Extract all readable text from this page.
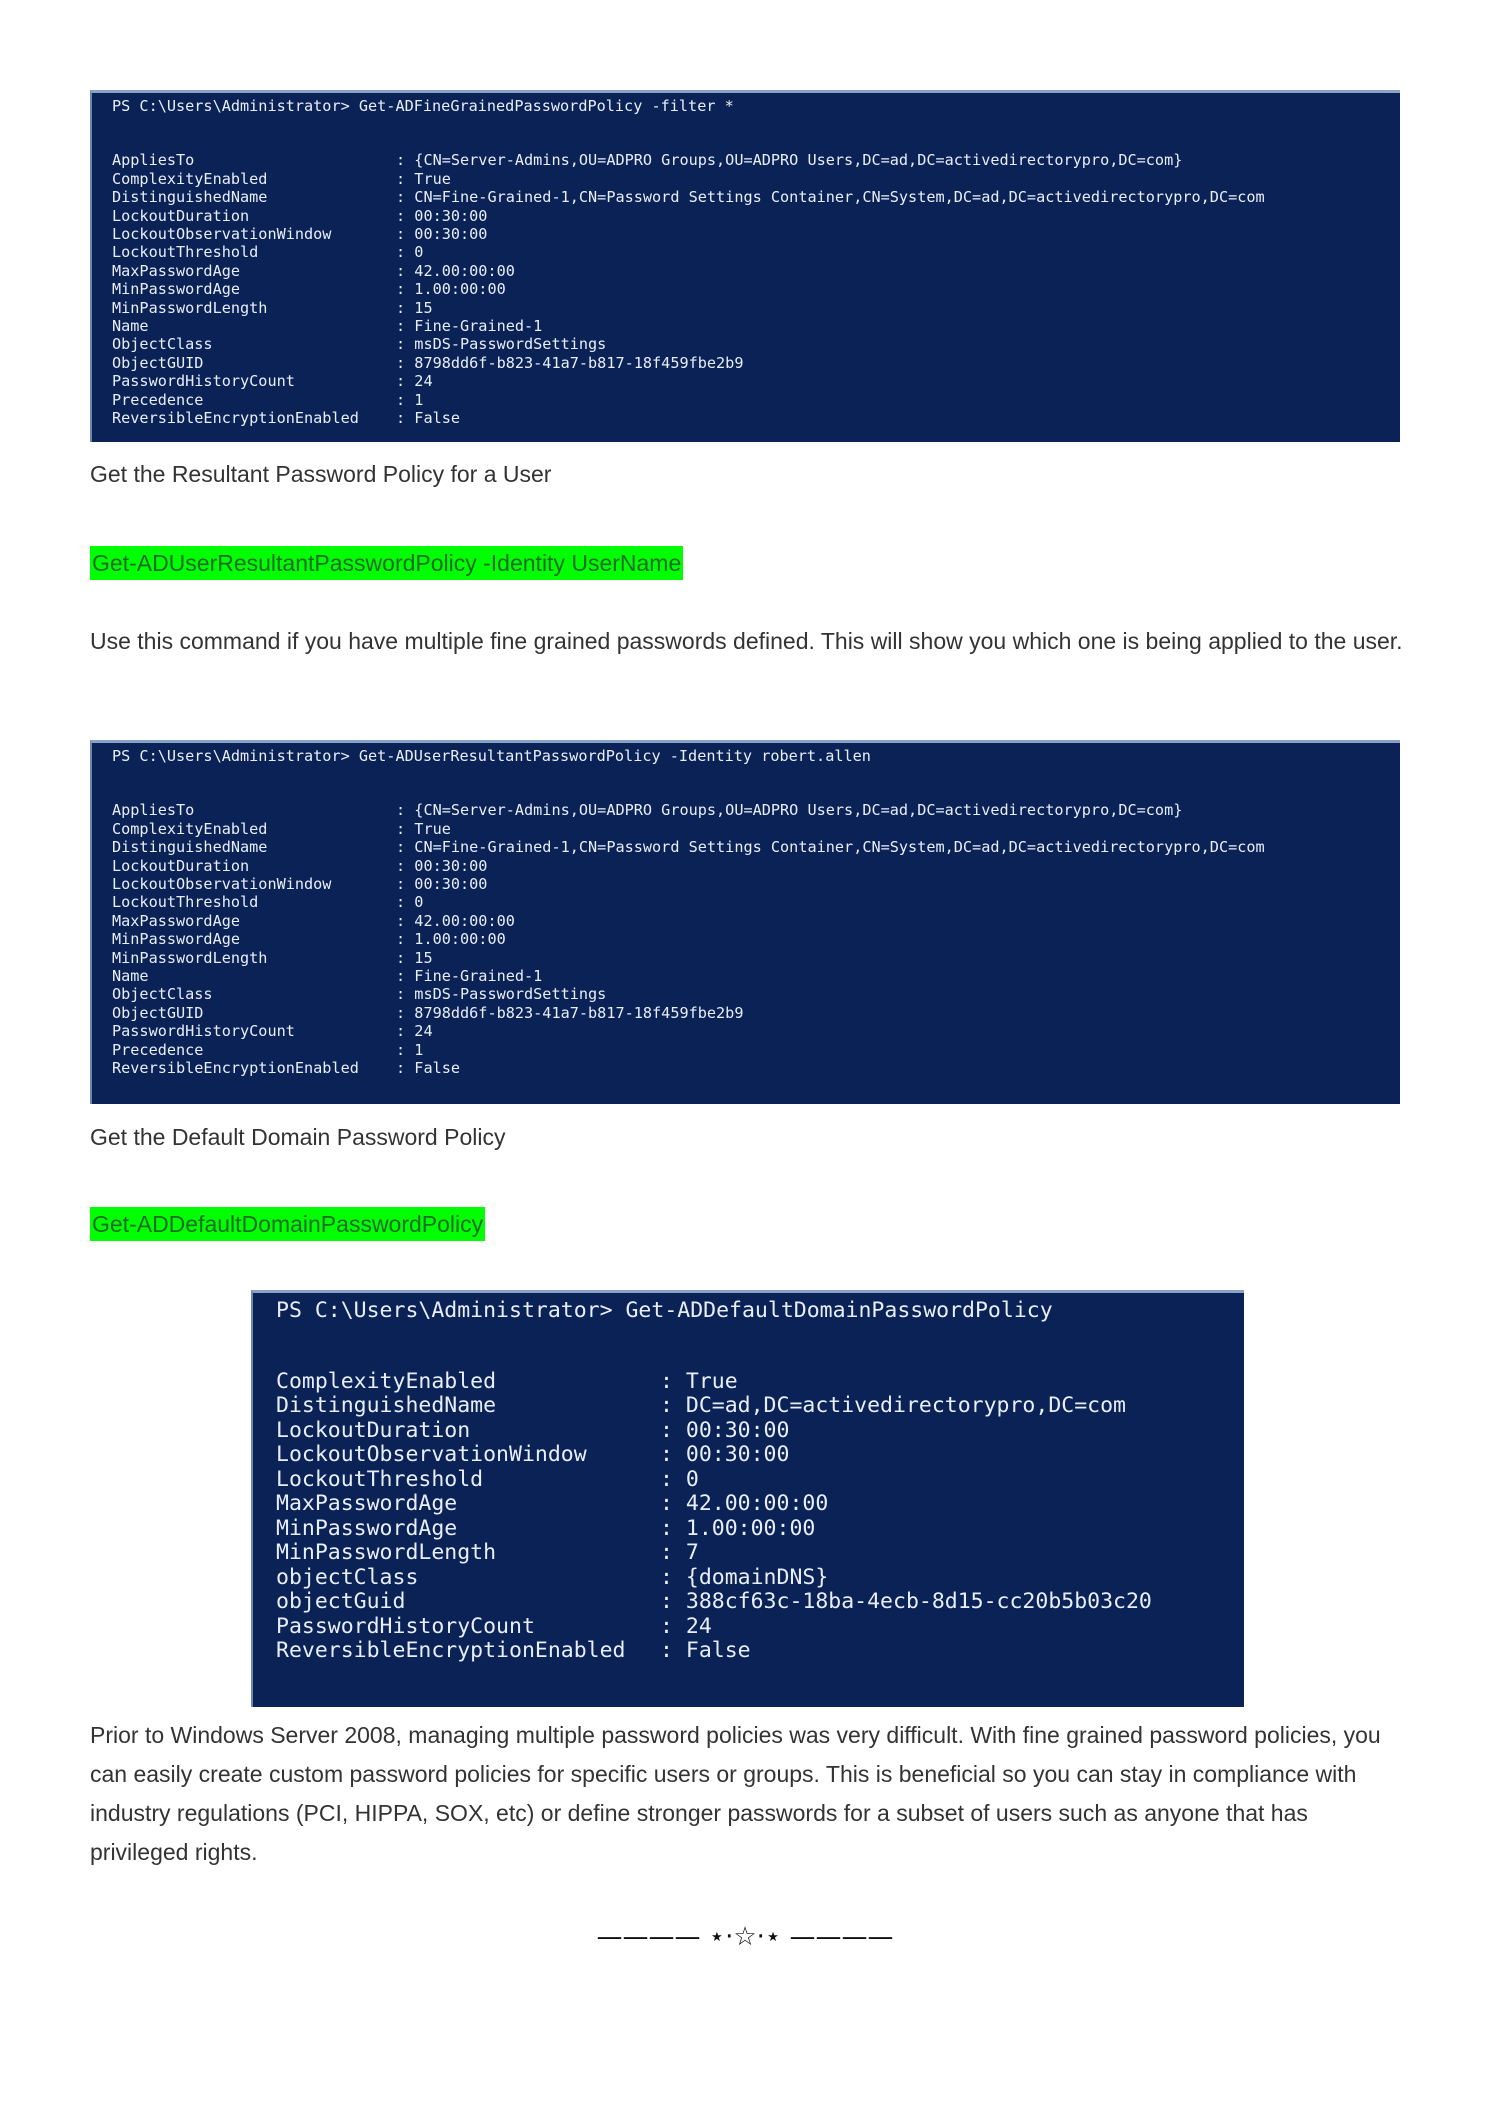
PS C:\Users\Administrator> Get-ADFineGrainedPasswordPolicy -filter *
AppliesTo	: {CN=Server-Admins,OU=ADPRO Groups,OU=ADPRO Users,DC=ad,DC=activedirectorypro,DC=com}
ComplexityEnabled	: True
DistinguishedName	: CN=Fine-Grained-1,CN=Password Settings Container,CN=System,DC=ad,DC=activedirectorypro,DC=com
LockoutDuration	: 00:30:00
LockoutObservationWindow	: 00:30:00
LockoutThreshold	: 0
MaxPasswordAge	: 42.00:00:00
MinPasswordAge	: 1.00:00:00
MinPasswordLength	: 15
Name	: Fine-Grained-1
ObjectClass	: msDS-PasswordSettings
ObjectGUID	: 8798dd6f-b823-41a7-b817-18f459fbe2b9
PasswordHistoryCount	: 24
Precedence	: 1
ReversibleEncryptionEnabled	: False

Get the Resultant Password Policy for a User

Get-ADUserResultantPasswordPolicy -Identity UserName

Use this command if you have multiple fine grained passwords defined. This will show you which one is being applied to the user.

PS C:\Users\Administrator> Get-ADUserResultantPasswordPolicy -Identity robert.allen
AppliesTo	: {CN=Server-Admins,OU=ADPRO Groups,OU=ADPRO Users,DC=ad,DC=activedirectorypro,DC=com}
ComplexityEnabled	: True
DistinguishedName	: CN=Fine-Grained-1,CN=Password Settings Container,CN=System,DC=ad,DC=activedirectorypro,DC=com
LockoutDuration	: 00:30:00
LockoutObservationWindow	: 00:30:00
LockoutThreshold	: 0
MaxPasswordAge	: 42.00:00:00
MinPasswordAge	: 1.00:00:00
MinPasswordLength	: 15
Name	: Fine-Grained-1
ObjectClass	: msDS-PasswordSettings
ObjectGUID	: 8798dd6f-b823-41a7-b817-18f459fbe2b9
PasswordHistoryCount	: 24
Precedence	: 1
ReversibleEncryptionEnabled	: False

Get the Default Domain Password Policy

Get-ADDefaultDomainPasswordPolicy
PS C:\Users\Administrator> Get-ADDefaultDomainPasswordPolicy
ComplexityEnabled	: True
DistinguishedName	: DC=ad,DC=activedirectorypro,DC=com
LockoutDuration	: 00:30:00
LockoutObservationWindow	: 00:30:00
LockoutThreshold	: 0
MaxPasswordAge	: 42.00:00:00
MinPasswordAge	: 1.00:00:00
MinPasswordLength	: 7
objectClass	: {domainDNS}
objectGuid	: 388cf63c-18ba-4ecb-8d15-cc20b5b03c20
PasswordHistoryCount	: 24
ReversibleEncryptionEnabled	: False

Prior to Windows Server 2008, managing multiple password policies was very difficult. With fine grained password policies, you can easily create custom password policies for specific users or groups. This is beneficial so you can stay in compliance with industry regulations (PCI, HIPPA, SOX, etc) or define stronger passwords for a subset of users such as anyone that has privileged rights.

———— ⋆·☆·⋆ ————
